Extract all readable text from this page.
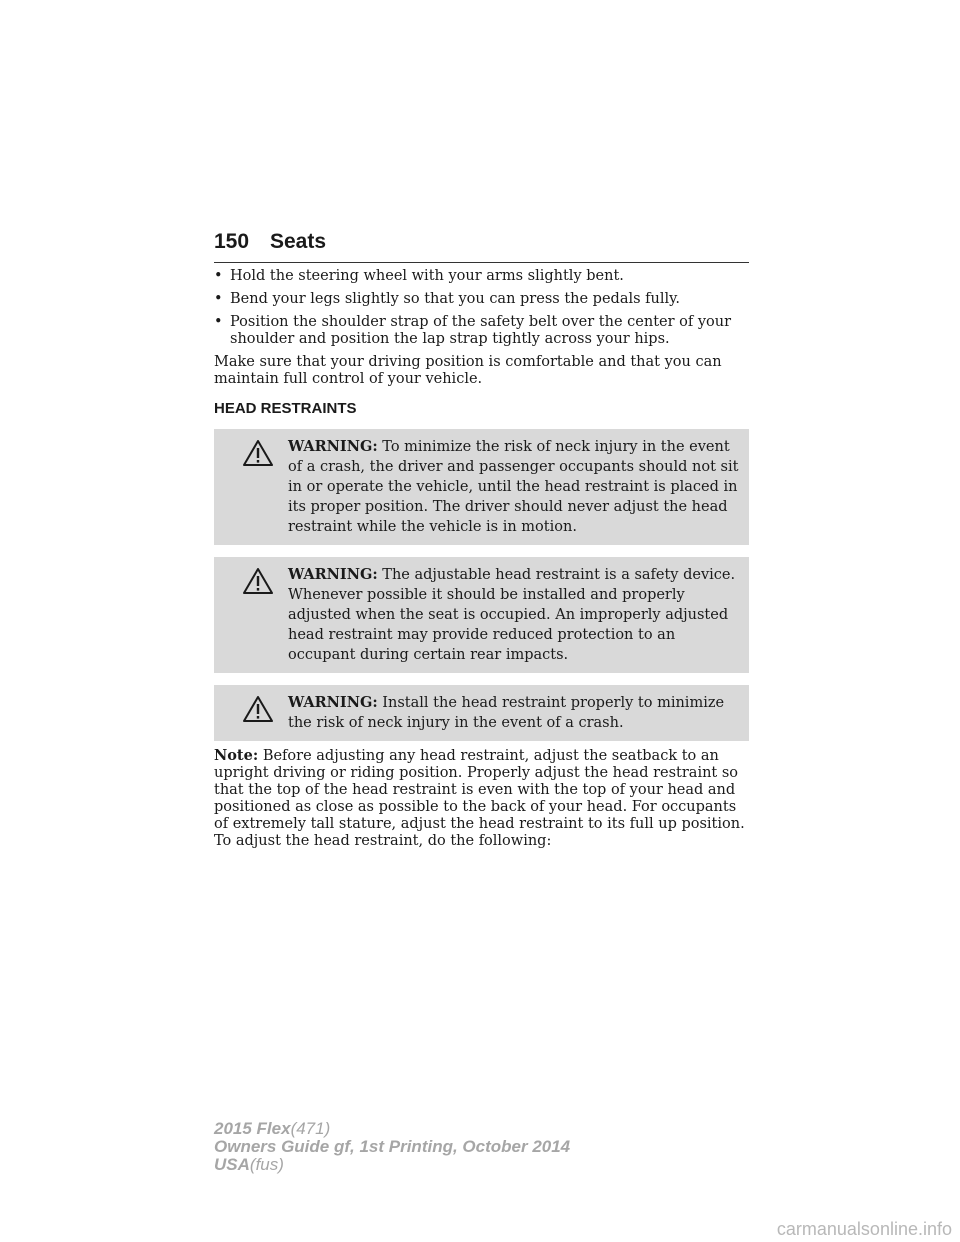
150 Seats
• Hold the steering wheel with your arms slightly bent.
• Bend your legs slightly so that you can press the pedals fully.
• Position the shoulder strap of the safety belt over the center of your shoulder and position the lap strap tightly across your hips.

Make sure that your driving position is comfortable and that you can maintain full control of your vehicle.

HEAD RESTRAINTS

WARNING: To minimize the risk of neck injury in the event of a crash, the driver and passenger occupants should not sit in or operate the vehicle, until the head restraint is placed in its proper position. The driver should never adjust the head restraint while the vehicle is in motion.
WARNING: The adjustable head restraint is a safety device. Whenever possible it should be installed and properly adjusted when the seat is occupied. An improperly adjusted head restraint may provide reduced protection to an occupant during certain rear impacts.
WARNING: Install the head restraint properly to minimize the risk of neck injury in the event of a crash.

Note: Before adjusting any head restraint, adjust the seatback to an upright driving or riding position. Properly adjust the head restraint so that the top of the head restraint is even with the top of your head and positioned as close as possible to the back of your head. For occupants of extremely tall stature, adjust the head restraint to its full up position. To adjust the head restraint, do the following:

2015 Flex(471)
Owners Guide gf, 1st Printing, October 2014
USA(fus)
carmanualsonline.info
